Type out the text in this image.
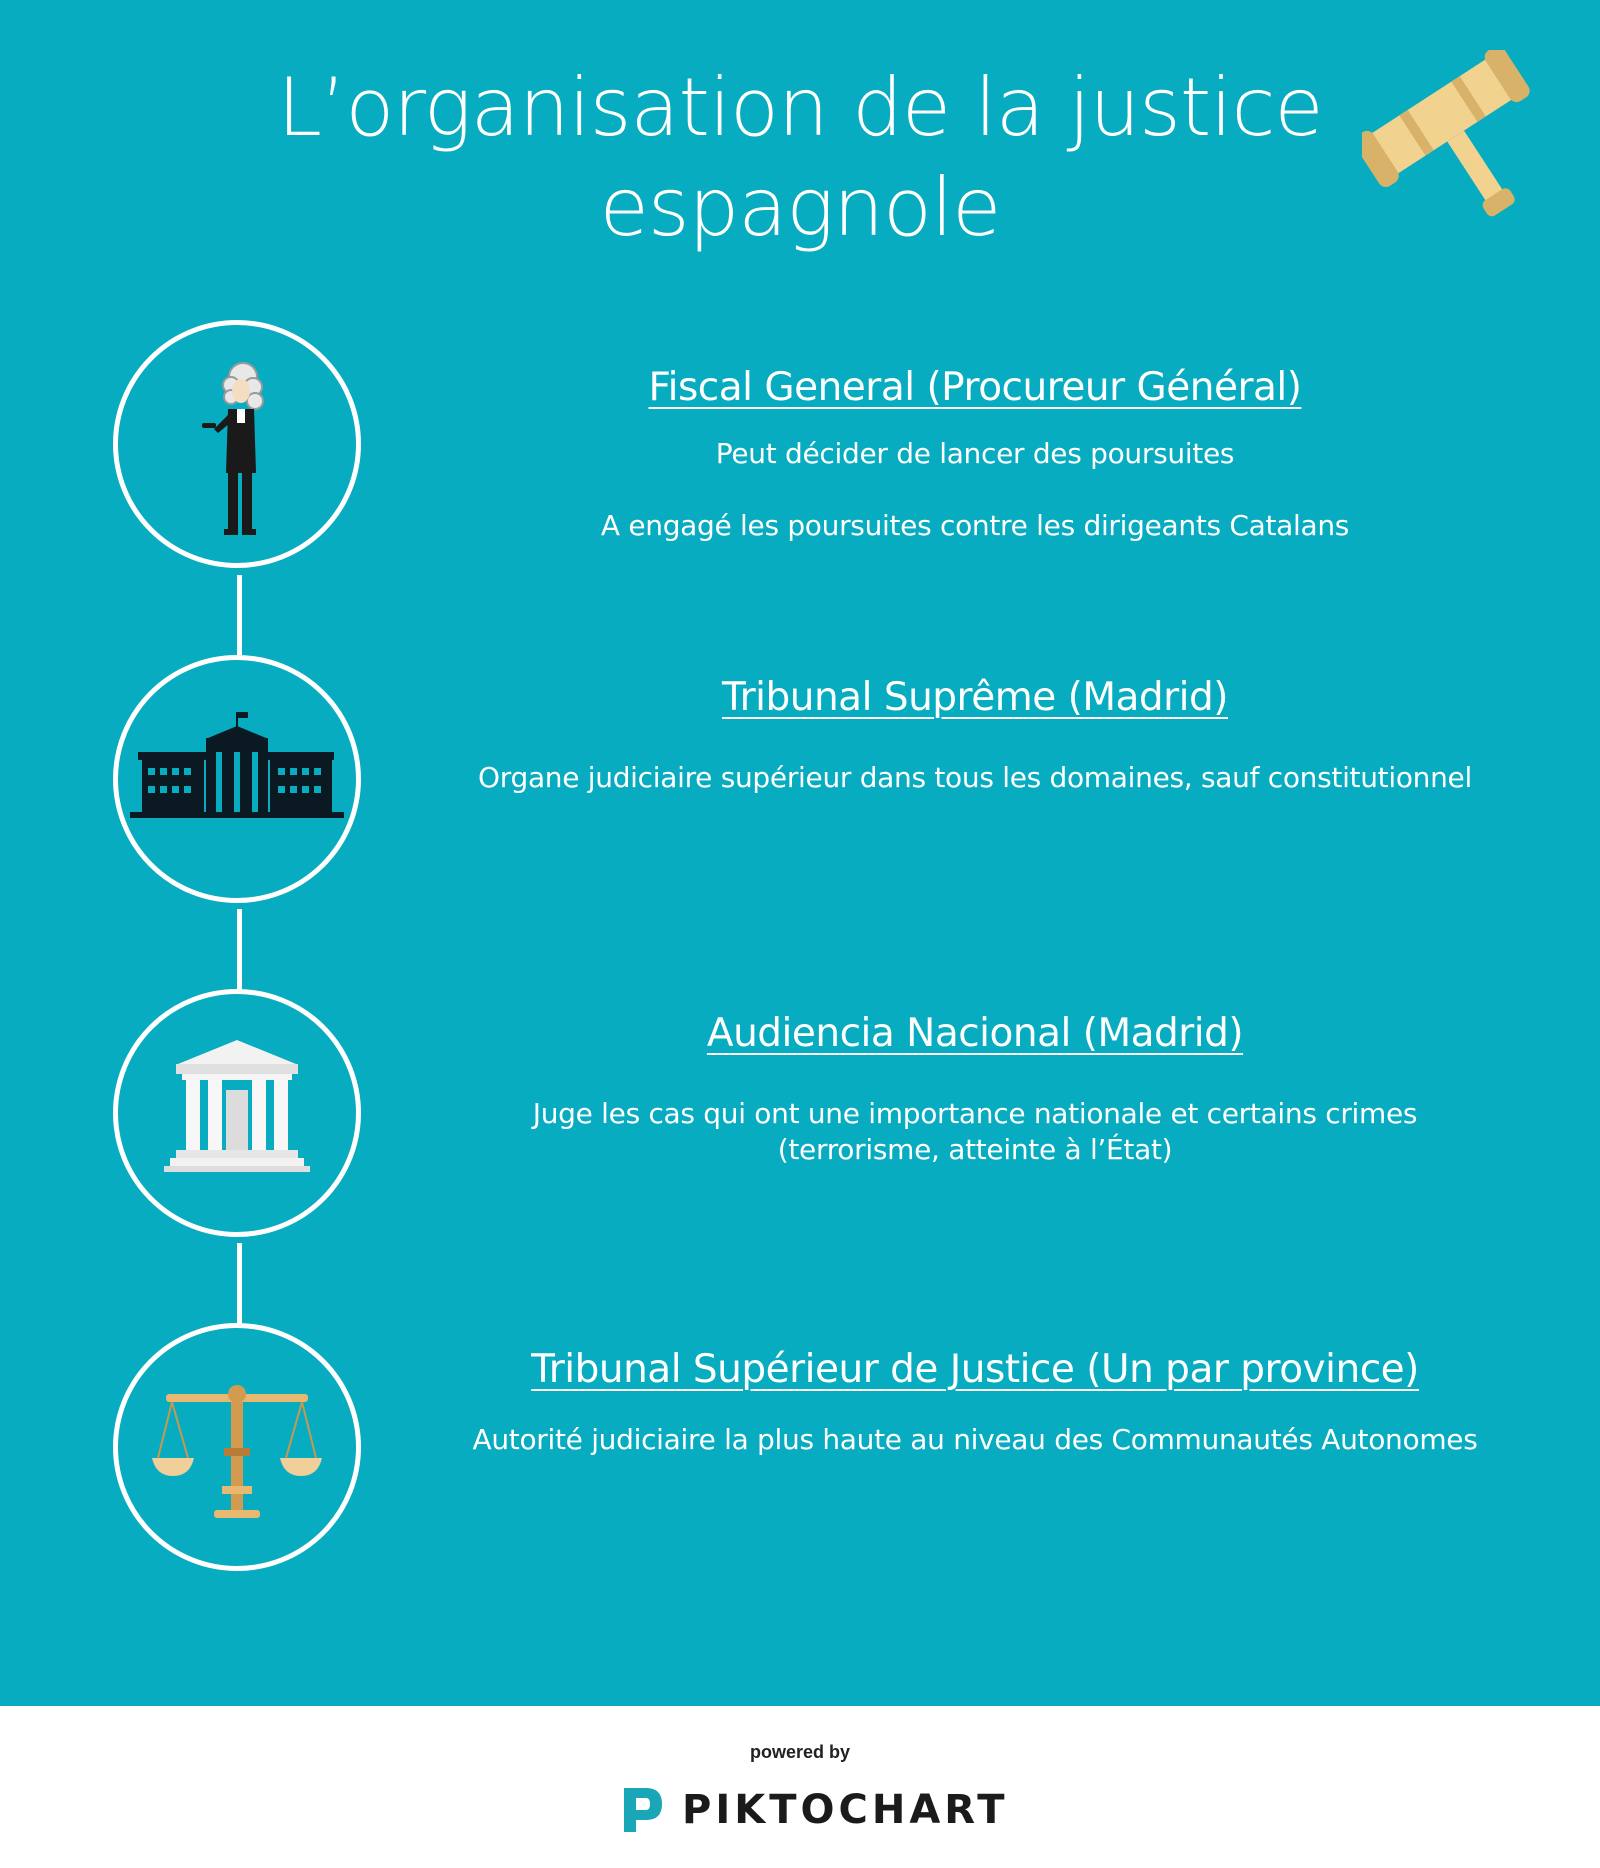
L’organisation de la justice
espagnole

Fiscal General (Procureur Général)

Peut décider de lancer des poursuites

A engagé les poursuites contre les dirigeants Catalans

Tribunal Suprême (Madrid)

Organe judiciaire supérieur dans tous les domaines, sauf constitutionnel

Audiencia Nacional (Madrid)

Juge les cas qui ont une importance nationale et certains crimes

(terrorisme, atteinte à l’État)

Tribunal Supérieur de Justice (Un par province)

Autorité judiciaire la plus haute au niveau des Communautés Autonomes

powered by
PIKTOCHART
